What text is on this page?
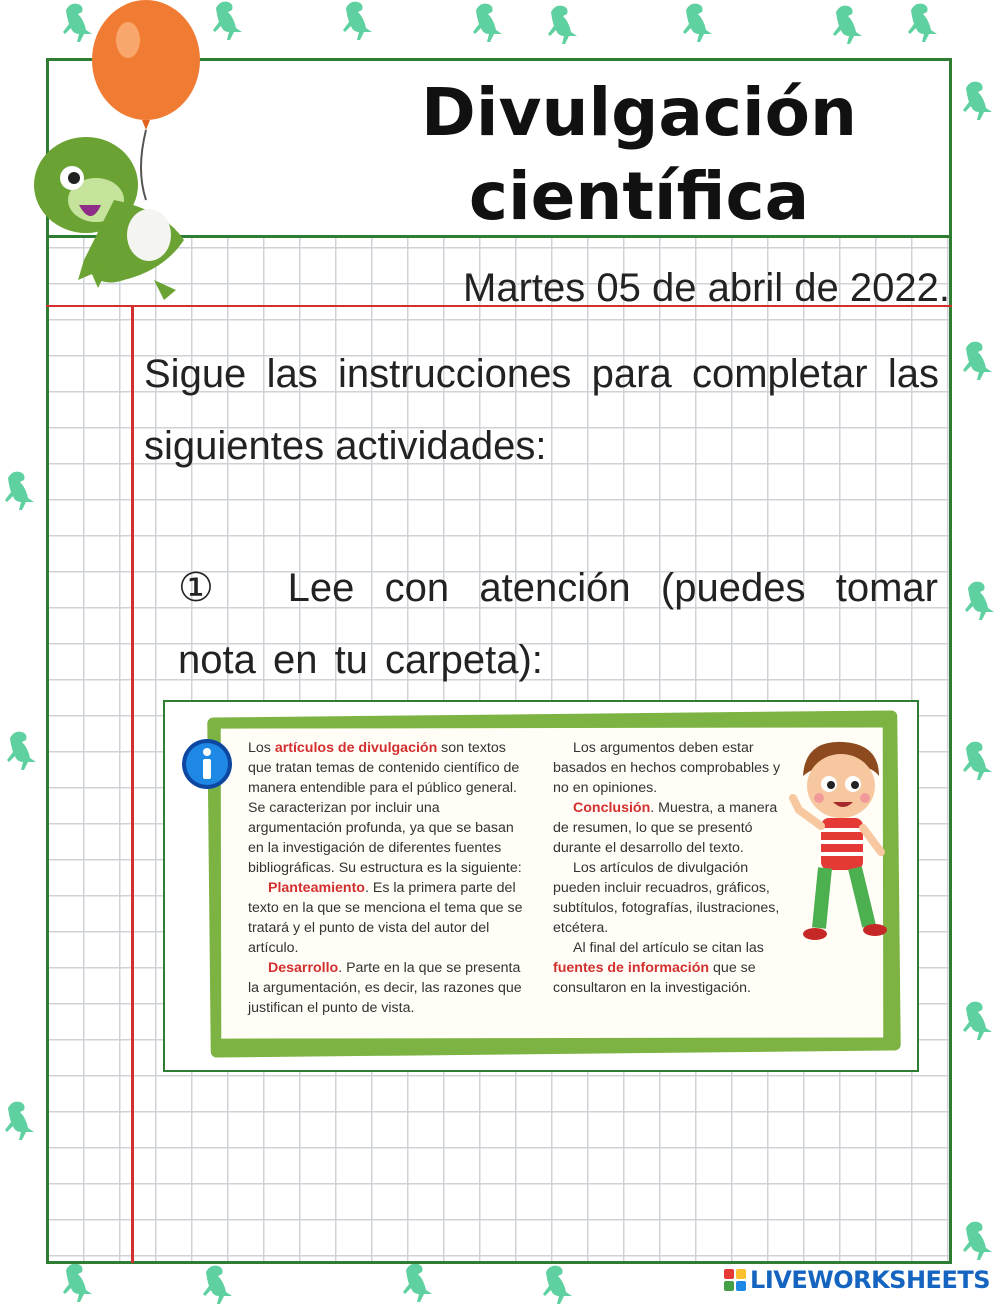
Divulgación
científica
Martes 05 de abril de 2022.
Sigue las instrucciones para completar las siguientes actividades:
① Lee con atención (puedes tomar nota en tu carpeta):

Los artículos de divulgación son textos que tratan temas de contenido científico de manera entendible para el público general. Se caracterizan por incluir una argumentación profunda, ya que se basan en la investigación de diferentes fuentes bibliográficas. Su estructura es la siguiente:

Planteamiento. Es la primera parte del texto en la que se menciona el tema que se tratará y el punto de vista del autor del artículo.

Desarrollo. Parte en la que se presenta la argumentación, es decir, las razones que justifican el punto de vista.

Los argumentos deben estar basados en hechos comprobables y no en opiniones.

Conclusión. Muestra, a manera de resumen, lo que se presentó durante el desarrollo del texto.

Los artículos de divulgación pueden incluir recuadros, gráficos, subtítulos, fotografías, ilustraciones, etcétera.

Al final del artículo se citan las fuentes de información que se consultaron en la investigación.

LIVEWORKSHEETS
